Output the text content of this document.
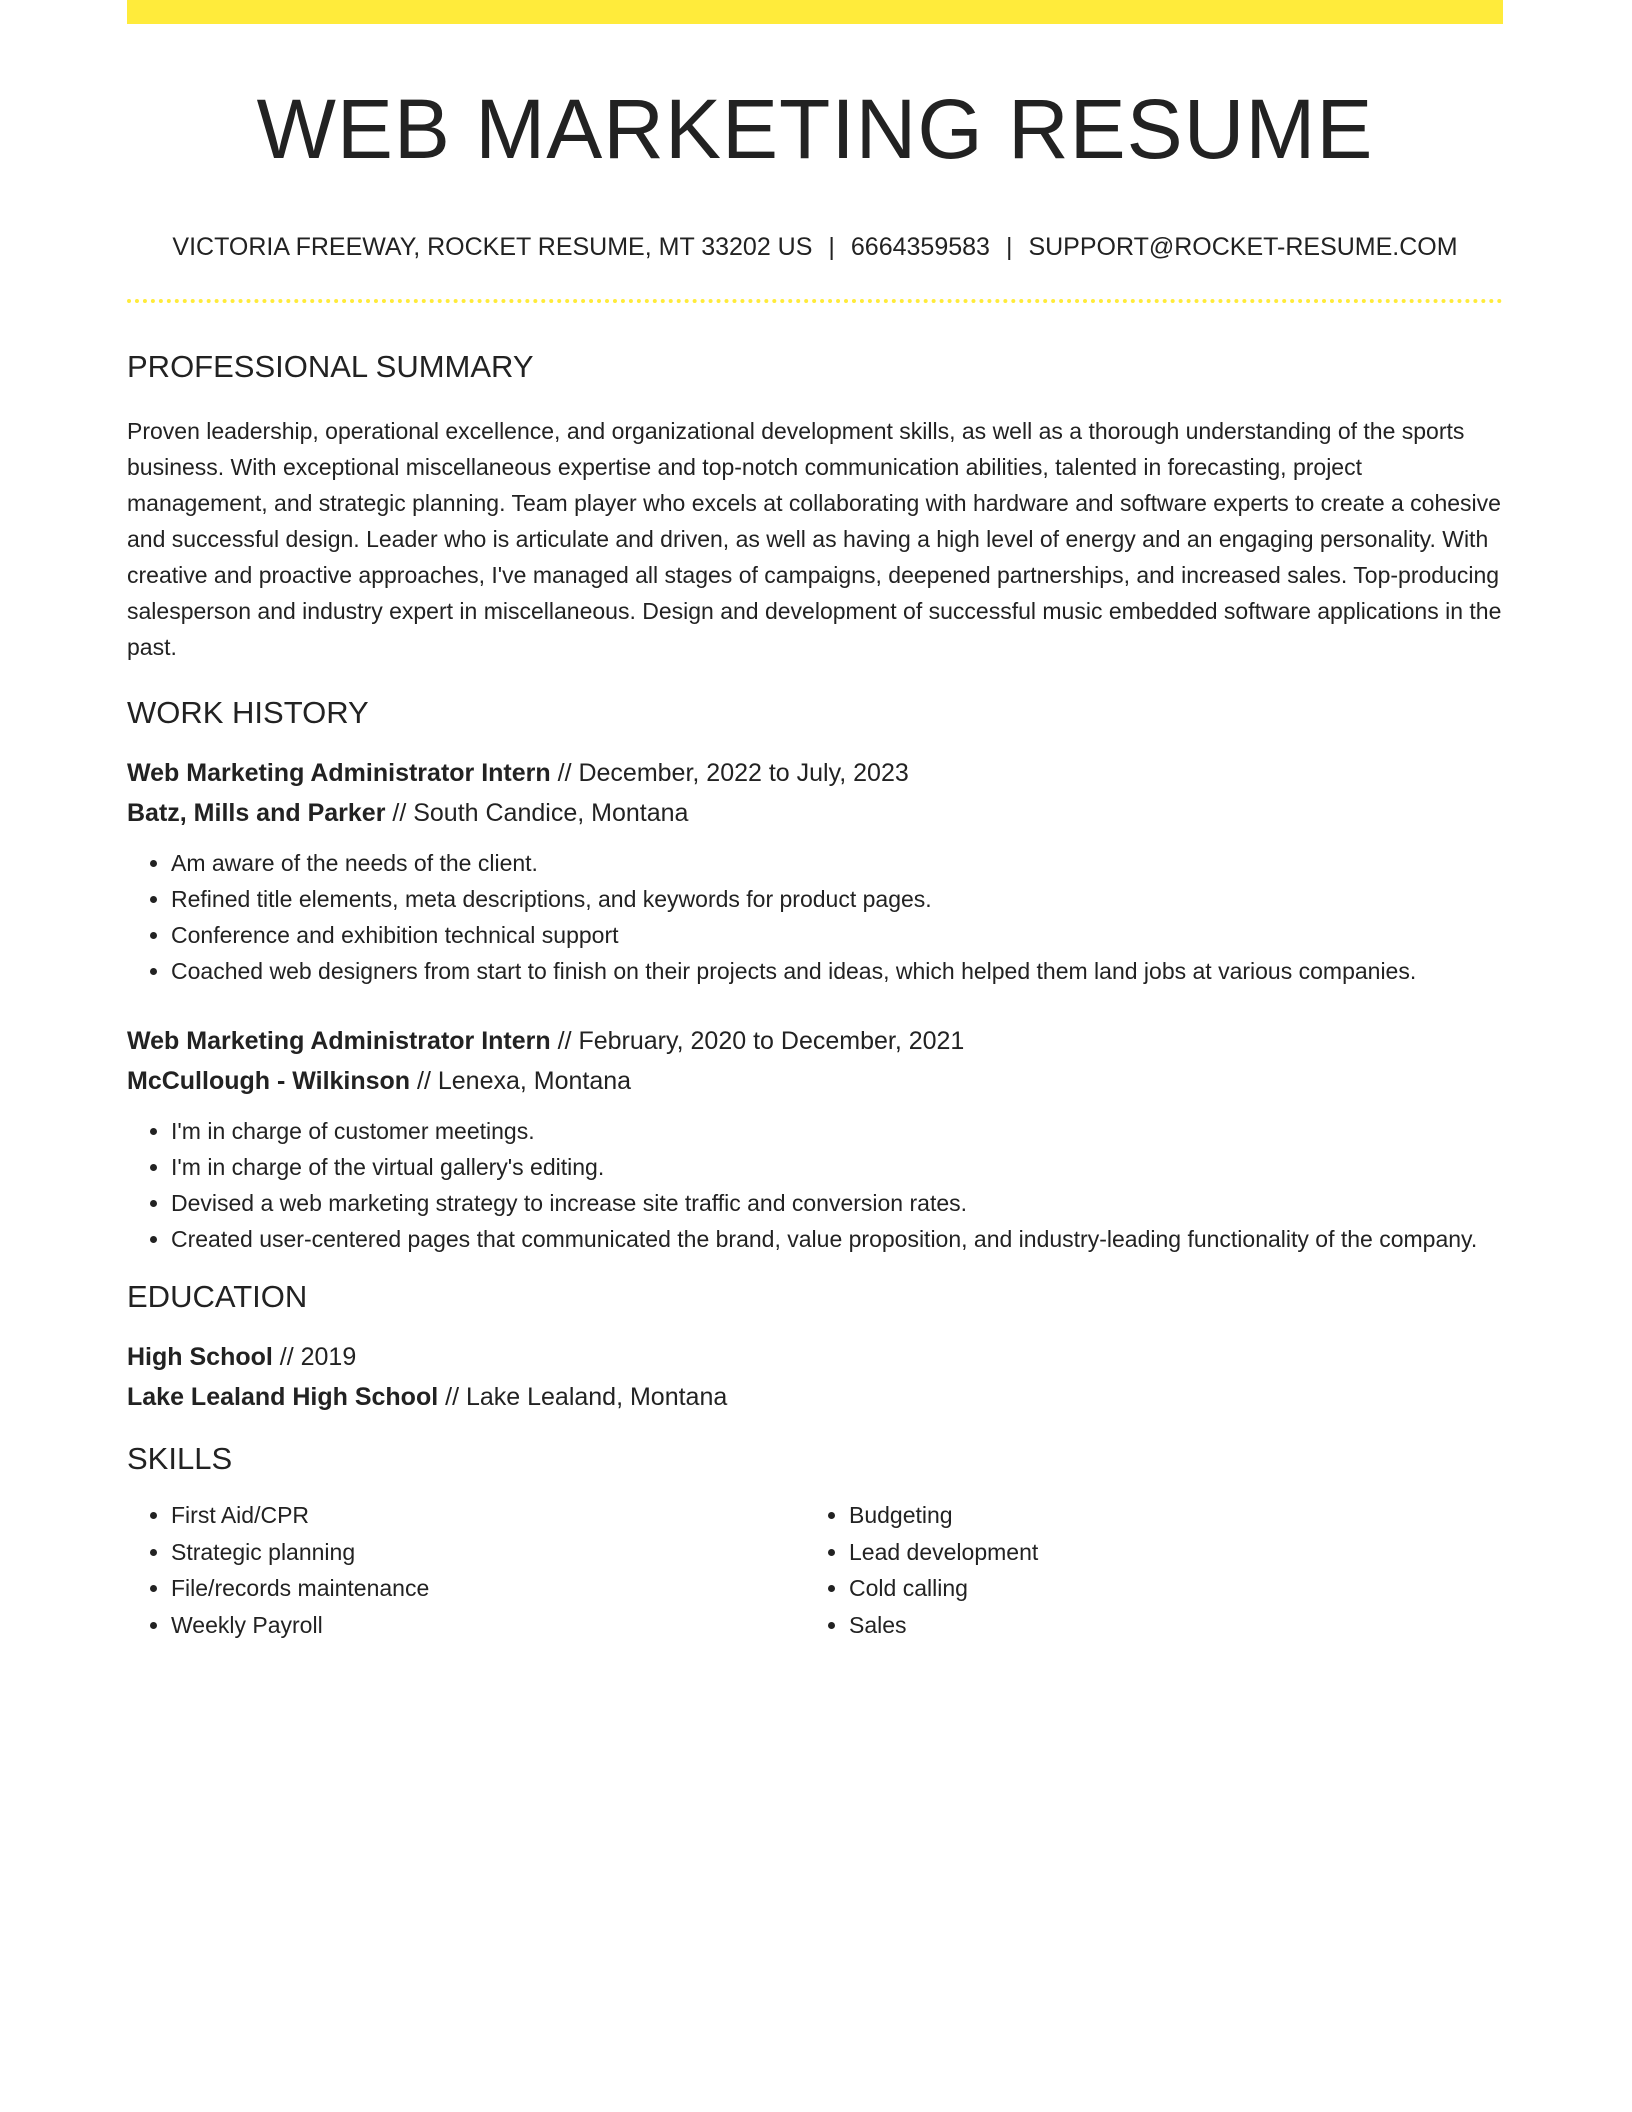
WEB MARKETING RESUME
VICTORIA FREEWAY, ROCKET RESUME, MT 33202 US | 6664359583 | SUPPORT@ROCKET-RESUME.COM
PROFESSIONAL SUMMARY
Proven leadership, operational excellence, and organizational development skills, as well as a thorough understanding of the sports business. With exceptional miscellaneous expertise and top-notch communication abilities, talented in forecasting, project management, and strategic planning. Team player who excels at collaborating with hardware and software experts to create a cohesive and successful design. Leader who is articulate and driven, as well as having a high level of energy and an engaging personality. With creative and proactive approaches, I've managed all stages of campaigns, deepened partnerships, and increased sales. Top-producing salesperson and industry expert in miscellaneous. Design and development of successful music embedded software applications in the past.
WORK HISTORY
Web Marketing Administrator Intern // December, 2022 to July, 2023
Batz, Mills and Parker // South Candice, Montana
• Am aware of the needs of the client.
• Refined title elements, meta descriptions, and keywords for product pages.
• Conference and exhibition technical support
• Coached web designers from start to finish on their projects and ideas, which helped them land jobs at various companies.
Web Marketing Administrator Intern // February, 2020 to December, 2021
McCullough - Wilkinson // Lenexa, Montana
• I'm in charge of customer meetings.
• I'm in charge of the virtual gallery's editing.
• Devised a web marketing strategy to increase site traffic and conversion rates.
• Created user-centered pages that communicated the brand, value proposition, and industry-leading functionality of the company.
EDUCATION
High School // 2019
Lake Lealand High School // Lake Lealand, Montana
SKILLS
• First Aid/CPR
• Strategic planning
• File/records maintenance
• Weekly Payroll
• Budgeting
• Lead development
• Cold calling
• Sales
